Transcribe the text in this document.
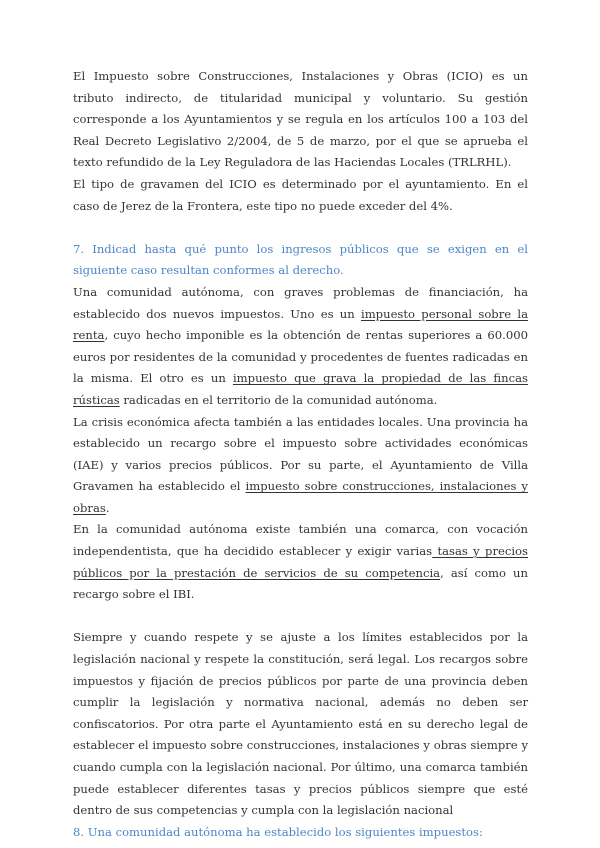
El Impuesto sobre Construcciones, Instalaciones y Obras (ICIO) es un tributo indirecto, de titularidad municipal y voluntario. Su gestión corresponde a los Ayuntamientos y se regula en los artículos 100 a 103 del Real Decreto Legislativo 2/2004, de 5 de marzo, por el que se aprueba el texto refundido de la Ley Reguladora de las Haciendas Locales (TRLRHL).

El tipo de gravamen del ICIO es determinado por el ayuntamiento. En el caso de Jerez de la Frontera, este tipo no puede exceder del 4%.

7. Indicad hasta qué punto los ingresos públicos que se exigen en el siguiente caso resultan conformes al derecho.

Una comunidad autónoma, con graves problemas de financiación, ha establecido dos nuevos impuestos. Uno es un impuesto personal sobre la renta, cuyo hecho imponible es la obtención de rentas superiores a 60.000 euros por residentes de la comunidad y procedentes de fuentes radicadas en la misma. El otro es un impuesto que grava la propiedad de las fincas rústicas radicadas en el territorio de la comunidad autónoma.

La crisis económica afecta también a las entidades locales. Una provincia ha establecido un recargo sobre el impuesto sobre actividades económicas (IAE) y varios precios públicos. Por su parte, el Ayuntamiento de Villa Gravamen ha establecido el impuesto sobre construcciones, instalaciones y obras.

En la comunidad autónoma existe también una comarca, con vocación independentista, que ha decidido establecer y exigir varias tasas y precios públicos por la prestación de servicios de su competencia, así como un recargo sobre el IBI.

Siempre y cuando respete y se ajuste a los límites establecidos por la legislación nacional y respete la constitución, será legal. Los recargos sobre impuestos y fijación de precios públicos por parte de una provincia deben cumplir la legislación y normativa nacional, además no deben ser confiscatorios. Por otra parte el Ayuntamiento está en su derecho legal de establecer el impuesto sobre construcciones, instalaciones y obras siempre y cuando cumpla con la legislación nacional. Por último, una comarca también puede establecer diferentes tasas y precios públicos siempre que esté dentro de sus competencias y cumpla con la legislación nacional

8. Una comunidad autónoma ha establecido los siguientes impuestos:
